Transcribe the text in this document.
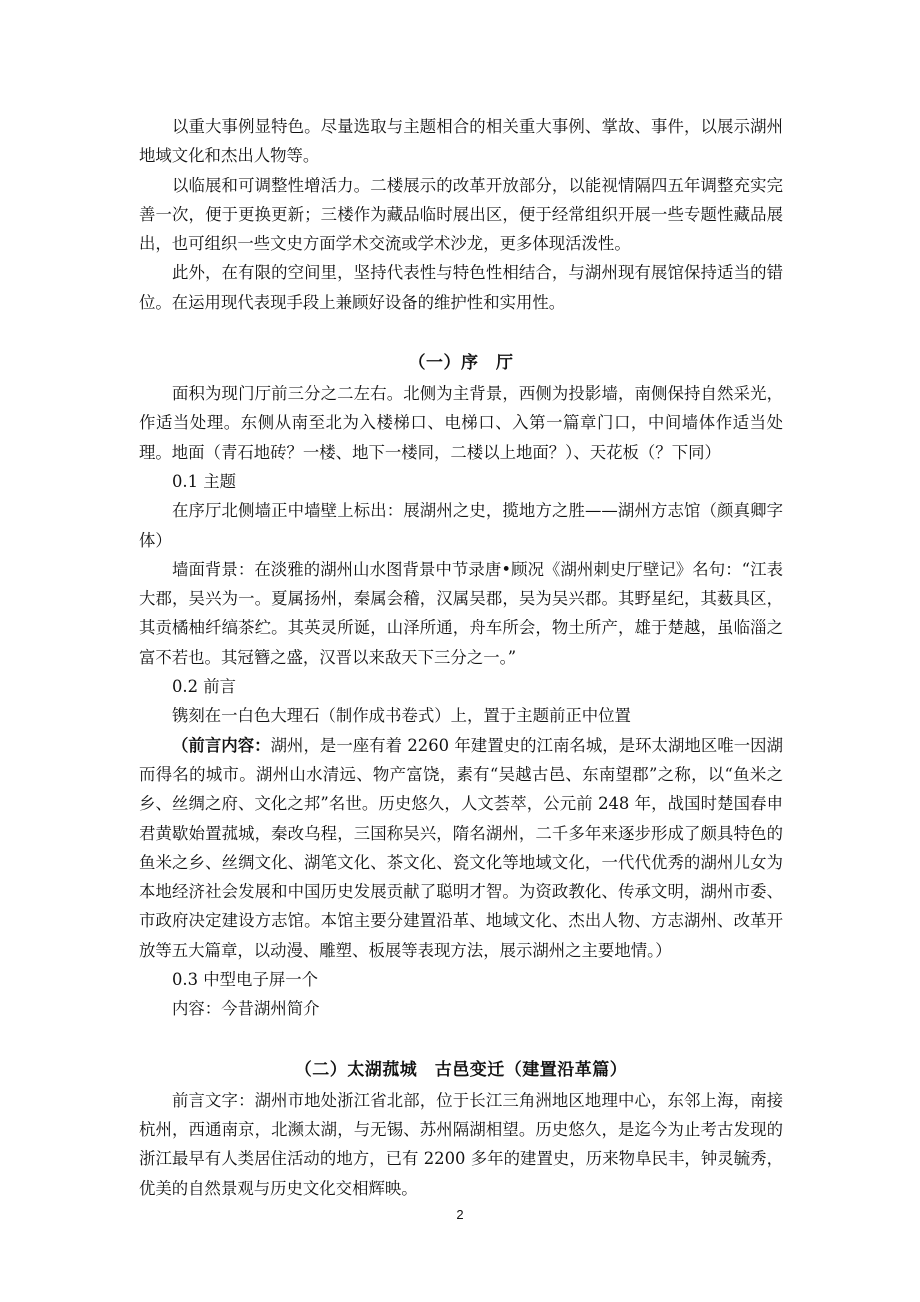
以重大事例显特色。尽量选取与主题相合的相关重大事例、掌故、事件，以展示湖州地域文化和杰出人物等。

以临展和可调整性增活力。二楼展示的改革开放部分，以能视情隔四五年调整充实完善一次，便于更换更新；三楼作为藏品临时展出区，便于经常组织开展一些专题性藏品展出，也可组织一些文史方面学术交流或学术沙龙，更多体现活泼性。

此外，在有限的空间里，坚持代表性与特色性相结合，与湖州现有展馆保持适当的错位。在运用现代表现手段上兼顾好设备的维护性和实用性。

（一）序　厅

面积为现门厅前三分之二左右。北侧为主背景，西侧为投影墙，南侧保持自然采光，作适当处理。东侧从南至北为入楼梯口、电梯口、入第一篇章门口，中间墙体作适当处理。地面（青石地砖？一楼、地下一楼同，二楼以上地面？）、天花板（？下同）

0.1 主题

在序厅北侧墙正中墙壁上标出：展湖州之史，揽地方之胜——湖州方志馆（颜真卿字体）

墙面背景：在淡雅的湖州山水图背景中节录唐•顾况《湖州刺史厅壁记》名句：“江表大郡，吴兴为一。夏属扬州，秦属会稽，汉属吴郡，吴为吴兴郡。其野星纪，其薮具区，其贡橘柚纤缟茶纻。其英灵所诞，山泽所通，舟车所会，物土所产，雄于楚越，虽临淄之富不若也。其冠簪之盛，汉晋以来敌天下三分之一。”

0.2 前言

镌刻在一白色大理石（制作成书卷式）上，置于主题前正中位置

（前言内容：湖州，是一座有着 2260 年建置史的江南名城，是环太湖地区唯一因湖而得名的城市。湖州山水清远、物产富饶，素有“吴越古邑、东南望郡”之称，以“鱼米之乡、丝绸之府、文化之邦”名世。历史悠久，人文荟萃，公元前 248 年，战国时楚国春申君黄歇始置菰城，秦改乌程，三国称吴兴，隋名湖州，二千多年来逐步形成了颇具特色的鱼米之乡、丝绸文化、湖笔文化、茶文化、瓷文化等地域文化，一代代优秀的湖州儿女为本地经济社会发展和中国历史发展贡献了聪明才智。为资政教化、传承文明，湖州市委、市政府决定建设方志馆。本馆主要分建置沿革、地域文化、杰出人物、方志湖州、改革开放等五大篇章，以动漫、雕塑、板展等表现方法，展示湖州之主要地情。）

0.3 中型电子屏一个

内容：今昔湖州简介

（二）太湖菰城　古邑变迁（建置沿革篇）

前言文字：湖州市地处浙江省北部，位于长江三角洲地区地理中心，东邻上海，南接杭州，西通南京，北濒太湖，与无锡、苏州隔湖相望。历史悠久，是迄今为止考古发现的浙江最早有人类居住活动的地方，已有 2200 多年的建置史，历来物阜民丰，钟灵毓秀，优美的自然景观与历史文化交相辉映。

2
